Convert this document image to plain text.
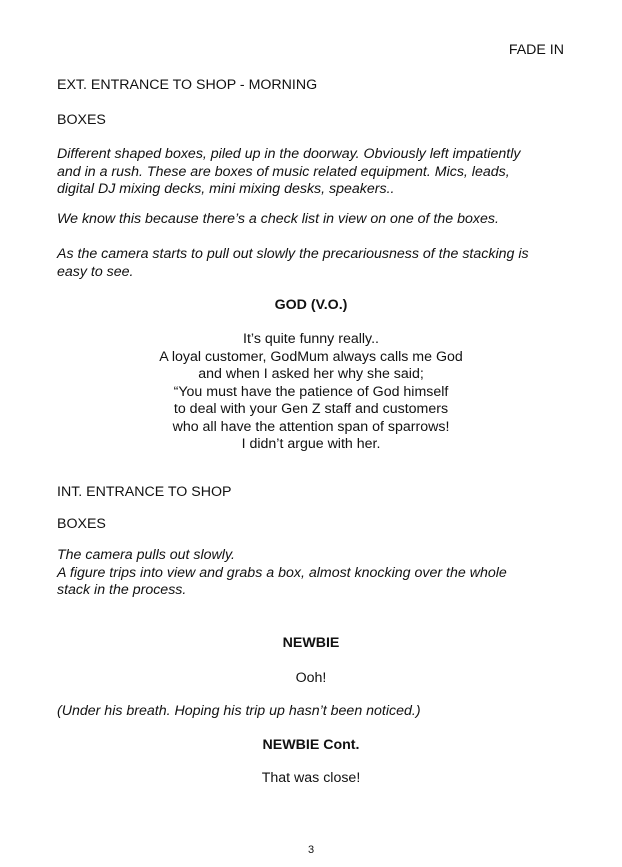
FADE IN
EXT. ENTRANCE TO SHOP - MORNING
BOXES
Different shaped boxes, piled up in the doorway. Obviously left impatiently
and in a rush. These are boxes of music related equipment. Mics, leads,
digital DJ mixing decks, mini mixing desks, speakers..
We know this because there’s a check list in view on one of the boxes.
As the camera starts to pull out slowly the precariousness of the stacking is
easy to see.
GOD (V.O.)
It’s quite funny really..
A loyal customer, GodMum always calls me God
and when I asked her why she said;
“You must have the patience of God himself
to deal with your Gen Z staff and customers
who all have the attention span of sparrows!
I didn’t argue with her.
INT. ENTRANCE TO SHOP
BOXES
The camera pulls out slowly.
A figure trips into view and grabs a box, almost knocking over the whole
stack in the process.
NEWBIE
Ooh!
(Under his breath. Hoping his trip up hasn’t been noticed.)
NEWBIE Cont.
That was close!
3
